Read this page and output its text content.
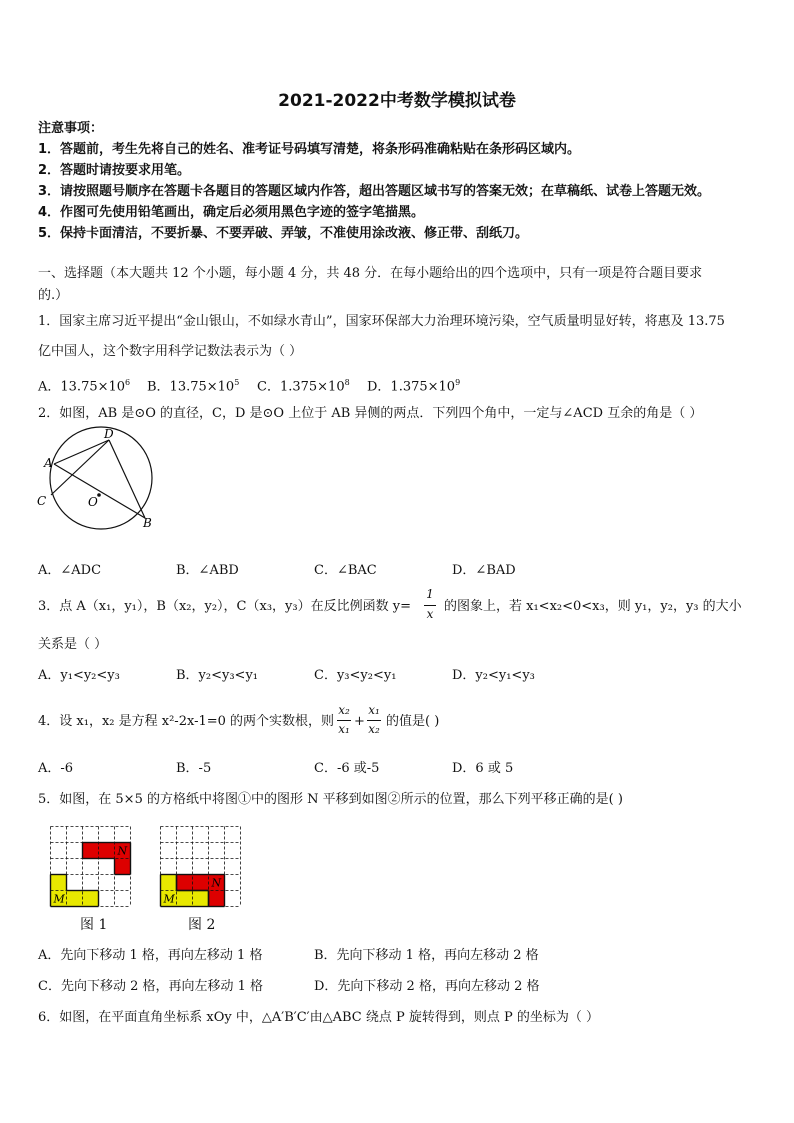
2021-2022中考数学模拟试卷
注意事项：
1．答题前，考生先将自己的姓名、准考证号码填写清楚，将条形码准确粘贴在条形码区域内。
2．答题时请按要求用笔。
3．请按照题号顺序在答题卡各题目的答题区域内作答，超出答题区域书写的答案无效；在草稿纸、试卷上答题无效。
4．作图可先使用铅笔画出，确定后必须用黑色字迹的签字笔描黑。
5．保持卡面清洁，不要折暴、不要弄破、弄皱，不准使用涂改液、修正带、刮纸刀。
一、选择题（本大题共 12 个小题，每小题 4 分，共 48 分．在每小题给出的四个选项中，只有一项是符合题目要求
的.）
1．国家主席习近平提出“金山银山，不如绿水青山”，国家环保部大力治理环境污染，空气质量明显好转，将惠及 13.75
亿中国人，这个数字用科学记数法表示为（ ）
A．$13.75\times 10^6$ B．$13.75\times 10^5$ C．$1.375\times 10^8$ D．$1.375\times 10^9$
2．如图，AB 是⊙O 的直径，C，D 是⊙O 上位于 AB 异侧的两点．下列四个角中，一定与∠ACD 互余的角是（ ）
D
A
C	O
B
A．∠ADC	B．∠ABD	C．∠BAC	D．∠BAD
3．点 A（x₁，y₁），B（x₂，y₂），C（x₃，y₃）在反比例函数 y=
1
x 的图象上，若 x₁<x₂<0<x₃，则 y₁，y₂，y₃ 的大小
关系是（ ）
A．y₁<y₂<y₃	B．y₂<y₃<y₁	C．y₃<y₂<y₁	D．y₂<y₁<y₃
4．设 x₁，x₂ 是方程 x²-2x-1=0 的两个实数根，则
x₂
x₁ +
x₁
x₂ 的值是( )
A．-6	B．-5	C．-6 或-5	D．6 或 5
5．如图，在 5×5 的方格纸中将图①中的图形 N 平移到如图②所示的位置，那么下列平移正确的是( )
N
M
N
M
图 1	图 2
A．先向下移动 1 格，再向左移动 1 格	B．先向下移动 1 格，再向左移动 2 格
C．先向下移动 2 格，再向左移动 1 格	D．先向下移动 2 格，再向左移动 2 格
6．如图，在平面直角坐标系 xOy 中，△A′B′C′由△ABC 绕点 P 旋转得到，则点 P 的坐标为（ ）
